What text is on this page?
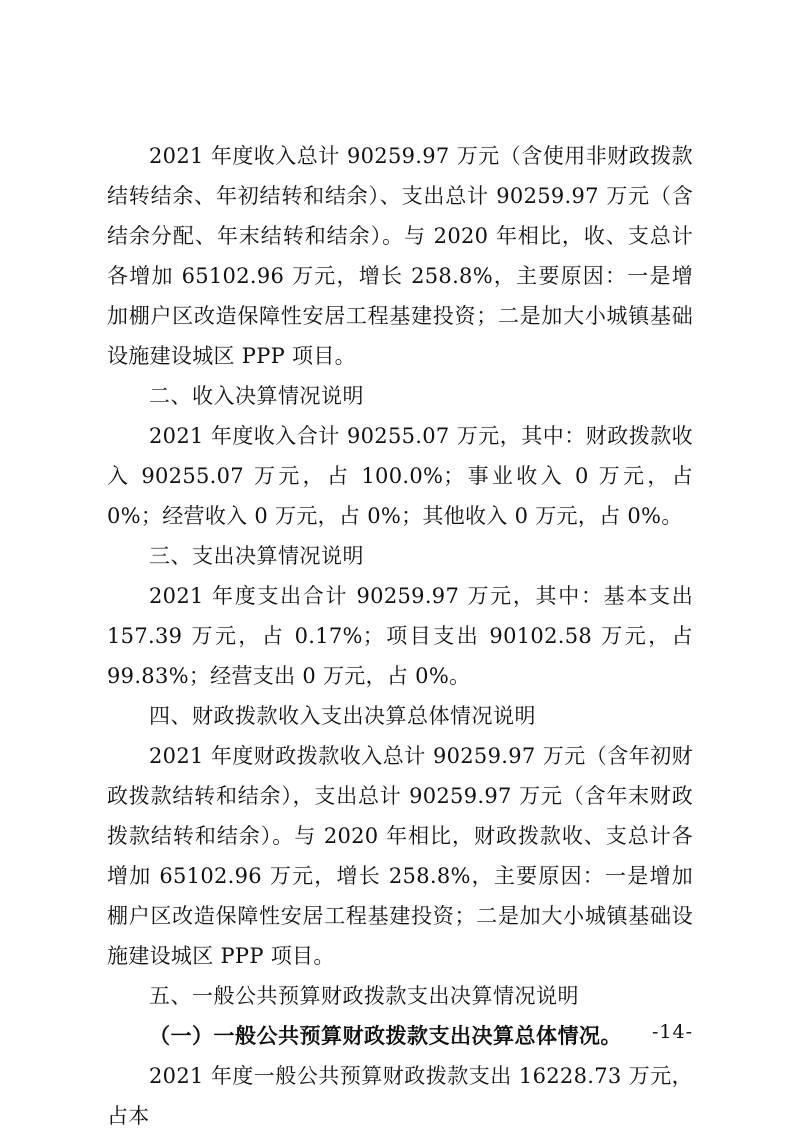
2021 年度收入总计 90259.97 万元（含使用非财政拨款结转结余、年初结转和结余）、支出总计 90259.97 万元（含结余分配、年末结转和结余）。与 2020 年相比，收、支总计各增加 65102.96 万元，增长 258.8%，主要原因：一是增加棚户区改造保障性安居工程基建投资；二是加大小城镇基础设施建设城区 PPP 项目。

二、收入决算情况说明

2021 年度收入合计 90255.07 万元，其中：财政拨款收入 90255.07 万元，占 100.0%；事业收入 0 万元，占 0%；经营收入 0 万元，占 0%；其他收入 0 万元，占 0%。

三、支出决算情况说明

2021 年度支出合计 90259.97 万元，其中：基本支出 157.39 万元，占 0.17%；项目支出 90102.58 万元，占 99.83%；经营支出 0 万元，占 0%。

四、财政拨款收入支出决算总体情况说明

2021 年度财政拨款收入总计 90259.97 万元（含年初财政拨款结转和结余），支出总计 90259.97 万元（含年末财政拨款结转和结余）。与 2020 年相比，财政拨款收、支总计各增加 65102.96 万元，增长 258.8%，主要原因：一是增加棚户区改造保障性安居工程基建投资；二是加大小城镇基础设施建设城区 PPP 项目。

五、一般公共预算财政拨款支出决算情况说明
（一）一般公共预算财政拨款支出决算总体情况。

2021 年度一般公共预算财政拨款支出 16228.73 万元，占本

-14-
